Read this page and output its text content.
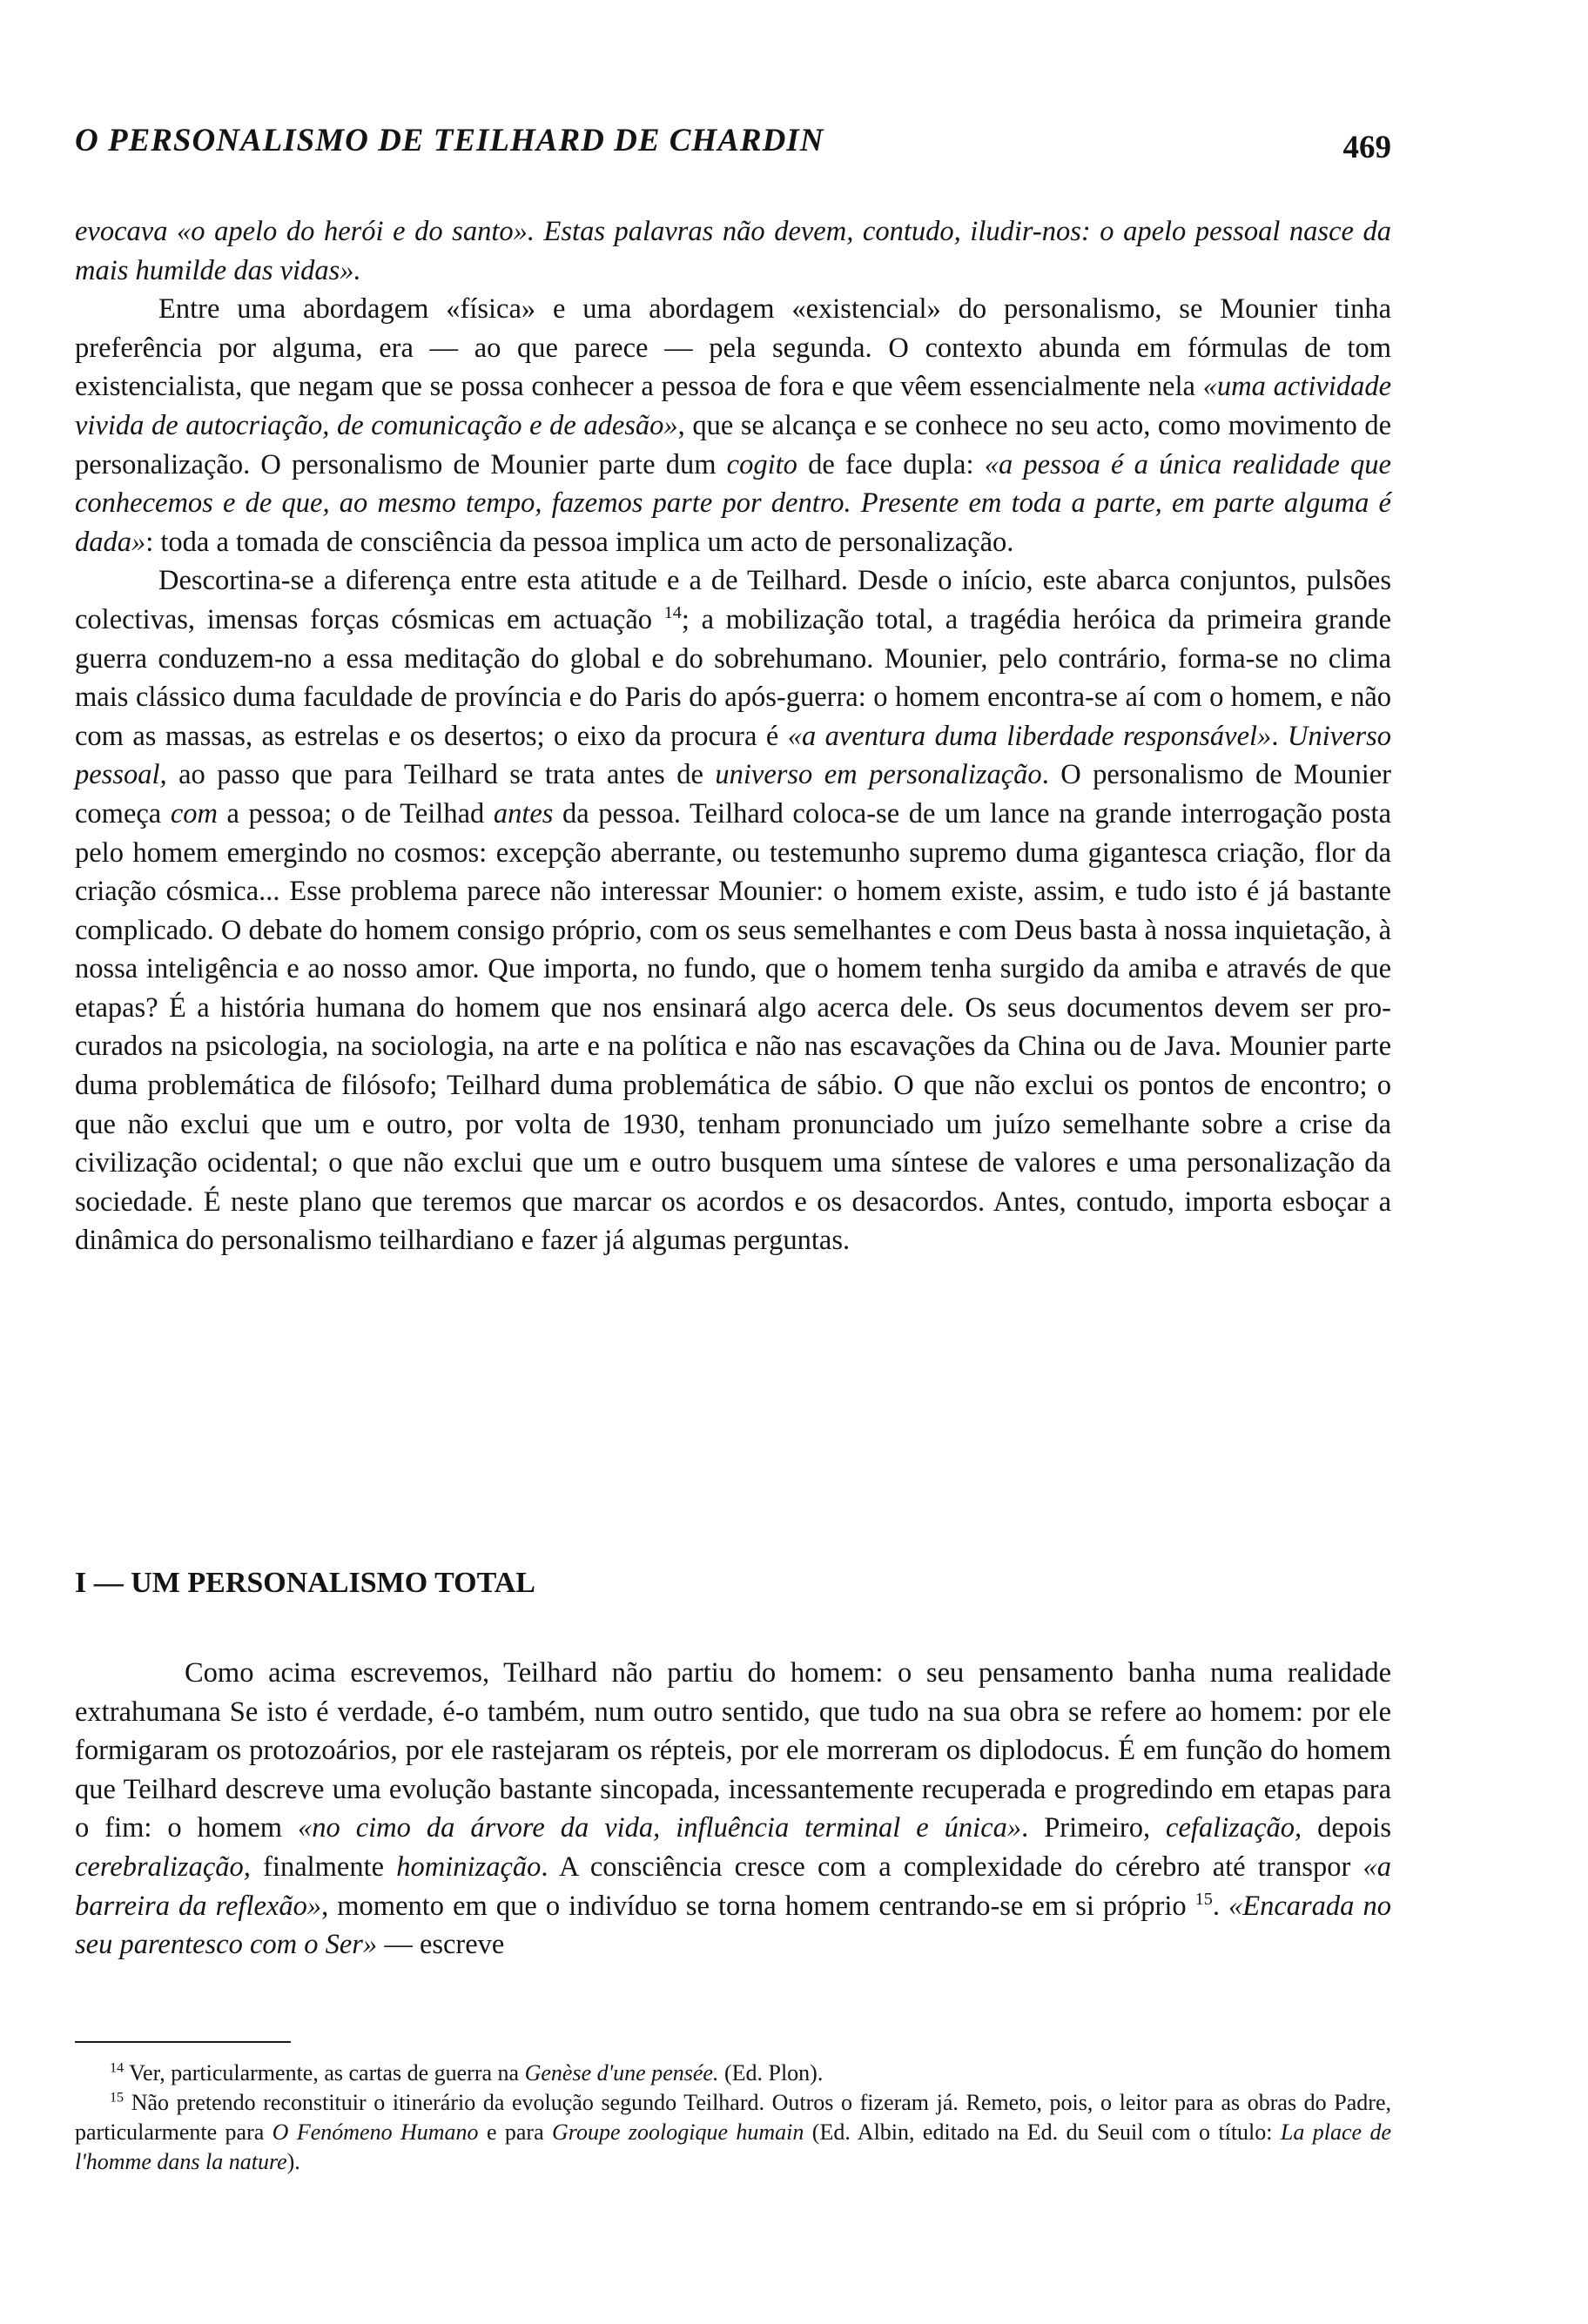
O PERSONALISMO DE TEILHARD DE CHARDIN	469

evocava «o apelo do herói e do santo». Estas palavras não devem, contudo, iludir-nos: o apelo pessoal nasce da mais humilde das vidas».

Entre uma abordagem «física» e uma abordagem «existencial» do personalismo, se Mounier tinha preferência por alguma, era — ao que parece — pela segunda. O contexto abunda em fórmulas de tom existencialista, que negam que se possa conhecer a pessoa de fora e que vêem essencialmente nela «uma actividade vivida de autocriação, de comunicação e de adesão», que se alcança e se conhece no seu acto, como movimento de personalização. O personalismo de Mounier parte dum cogito de face dupla: «a pessoa é a única realidade que conhecemos e de que, ao mesmo tempo, fazemos parte por dentro. Presente em toda a parte, em parte alguma é dada»: toda a tomada de consciência da pessoa implica um acto de personalização.

Descortina-se a diferença entre esta atitude e a de Teilhard. Desde o início, este abarca conjuntos, pulsões colectivas, imensas forças cósmicas em actuação $^{14}$; a mobilização total, a tragédia heróica da primeira grande guerra conduzem-no a essa meditação do global e do sobrehumano. Mounier, pelo contrário, forma-se no clima mais clássico duma faculdade de província e do Paris do após-guerra: o homem encontra-se aí com o homem, e não com as massas, as estrelas e os desertos; o eixo da procura é «a aventura duma liberdade responsável». Universo pessoal, ao passo que para Teilhard se trata antes de universo em personalização. O personalismo de Mounier começa com a pessoa; o de Teilhad antes da pessoa. Teilhard coloca-se de um lance na grande interrogação posta pelo homem emergindo no cosmos: excepção aberrante, ou testemunho supremo duma gigantesca criação, flor da criação cósmica... Esse problema parece não interessar Mounier: o homem existe, assim, e tudo isto é já bastante complicado. O debate do homem consigo próprio, com os seus semelhantes e com Deus basta à nossa inquietação, à nossa inteligência e ao nosso amor. Que importa, no fundo, que o homem tenha surgido da amiba e através de que etapas? É a história humana do homem que nos ensinará algo acerca dele. Os seus documentos devem ser procurados na psicologia, na sociologia, na arte e na política e não nas escavações da China ou de Java. Mounier parte duma problemática de filósofo; Teilhard duma problemática de sábio. O que não exclui os pontos de encontro; o que não exclui que um e outro, por volta de 1930, tenham pronunciado um juízo semelhante sobre a crise da civilização ocidental; o que não exclui que um e outro busquem uma síntese de valores e uma personalização da sociedade. É neste plano que teremos que marcar os acordos e os desacordos. Antes, contudo, importa esboçar a dinâmica do personalismo teilhardiano e fazer já algumas perguntas.

I — UM PERSONALISMO TOTAL

Como acima escrevemos, Teilhard não partiu do homem: o seu pensamento banha numa realidade extrahumana Se isto é verdade, é-o também, num outro sentido, que tudo na sua obra se refere ao homem: por ele formigaram os protozoários, por ele rastejaram os répteis, por ele morreram os diplodocus. É em função do homem que Teilhard descreve uma evolução bastante sincopada, incessantemente recuperada e progredindo em etapas para o fim: o homem «no cimo da árvore da vida, influência terminal e única». Primeiro, cefalização, depois cerebralização, finalmente hominização. A consciência cresce com a complexidade do cérebro até transpor «a barreira da reflexão», momento em que o indivíduo se torna homem centrando-se em si próprio $^{15}$. «Encarada no seu parentesco com o Ser» — escreve

$^{14}$ Ver, particularmente, as cartas de guerra na Genèse d'une pensée. (Ed. Plon).

$^{15}$ Não pretendo reconstituir o itinerário da evolução segundo Teilhard. Outros o fizeram já. Remeto, pois, o leitor para as obras do Padre, particularmente para O Fenómeno Humano e para Groupe zoologique humain (Ed. Albin, editado na Ed. du Seuil com o título: La place de l'homme dans la nature).
